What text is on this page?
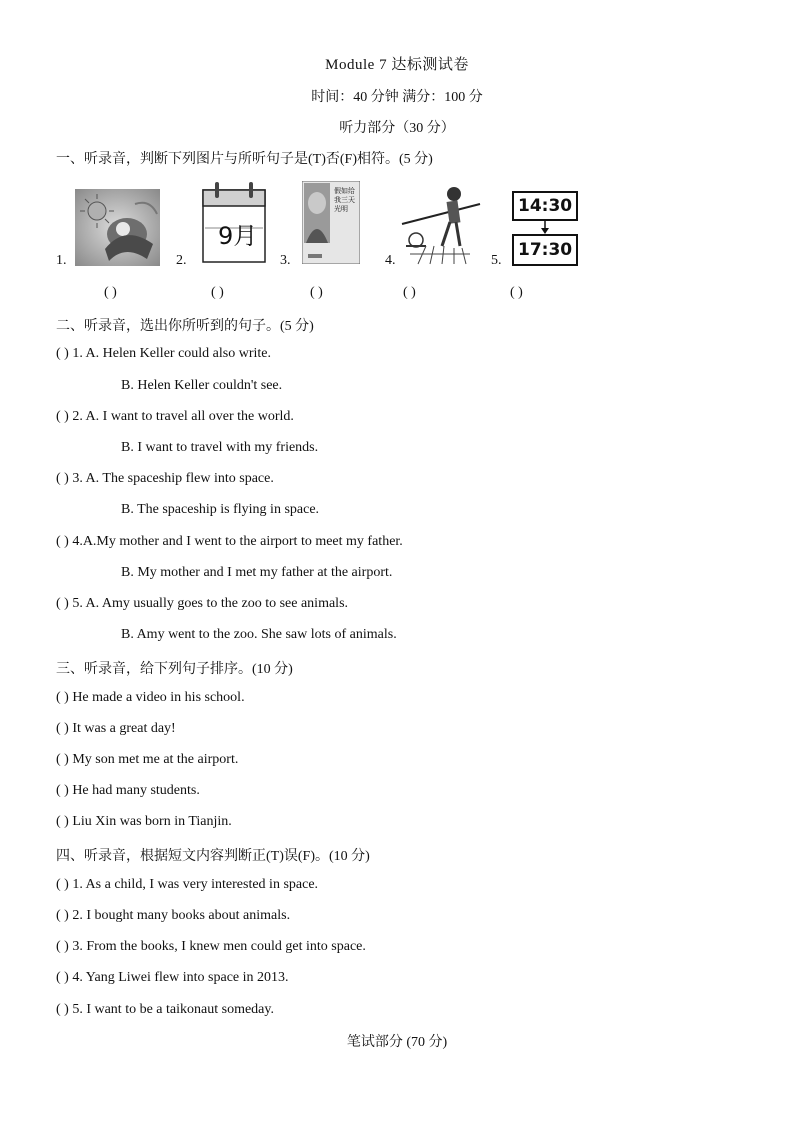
Module 7 达标测试卷
时间：40 分钟 满分：100 分
听力部分（30 分）
一、听录音，判断下列图片与所听句子是(T)否(F)相符。(5 分)
1.
( )
2.
9月
( )
3.
假如给我三天光明
( )
4.
( )
5.
14:30
17:30
( )
二、听录音，选出你所听到的句子。(5 分)
( ) 1. A. Helen Keller could also write.
B. Helen Keller couldn't see.
( ) 2. A. I want to travel all over the world.
B. I want to travel with my friends.
( ) 3. A. The spaceship flew into space.
B. The spaceship is flying in space.
( ) 4.A.My mother and I went to the airport to meet my father.
B. My mother and I met my father at the airport.
( ) 5. A. Amy usually goes to the zoo to see animals.
B. Amy went to the zoo. She saw lots of animals.
三、听录音，给下列句子排序。(10 分)
( ) He made a video in his school.
( ) It was a great day!
( ) My son met me at the airport.
( ) He had many students.
( ) Liu Xin was born in Tianjin.
四、听录音，根据短文内容判断正(T)误(F)。(10 分)
( ) 1. As a child, I was very interested in space.
( ) 2. I bought many books about animals.
( ) 3. From the books, I knew men could get into space.
( ) 4. Yang Liwei flew into space in 2013.
( ) 5. I want to be a taikonaut someday.
笔试部分 (70 分)
